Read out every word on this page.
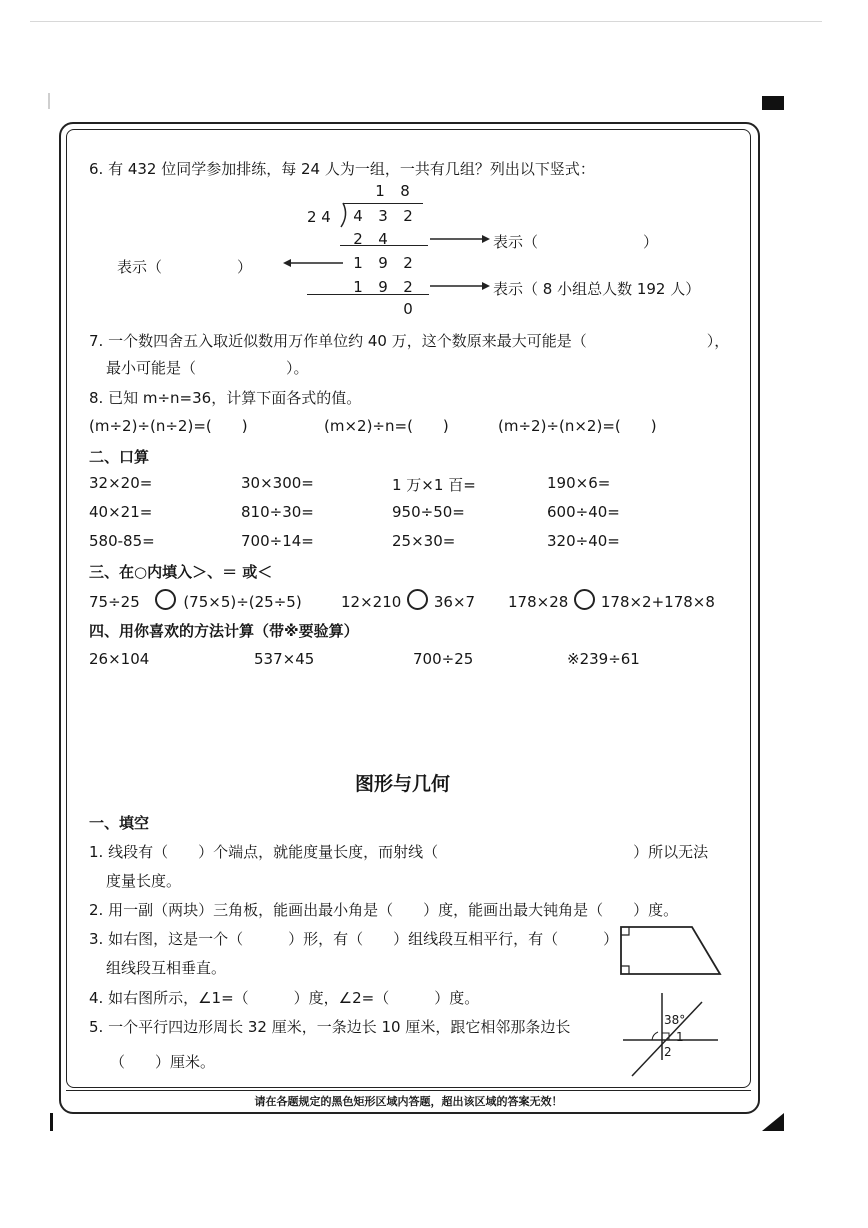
6. 有 432 位同学参加排练，每 24 人为一组，一共有几组？列出以下竖式：
1 8
2 4 4 3 2
2 4
1 9 2
1 9 2
0
表示（　　　　　　　）
表示（　　　　　）
表示（ 8 小组总人数 192 人）
7. 一个数四舍五入取近似数用万作单位约 40 万，这个数原来最大可能是（　　　　　　　　），
最小可能是（　　　　　　）。
8. 已知 m÷n=36，计算下面各式的值。
(m÷2)÷(n÷2)=(　　)	(m×2)÷n=(　　)	(m÷2)÷(n×2)=(　　)
二、口算
32×20=	30×300=	1 万×1 百=	190×6=
40×21=	810÷30=	950÷50=	600÷40=
580-85=	700÷14=	25×30=	320÷40=
三、在○内填入＞、＝ 或＜
75÷25	(75×5)÷(25÷5)	12×210 36×7 178×28 178×2+178×8
四、用你喜欢的方法计算（带※要验算）
26×104	537×45	700÷25	※239÷61
图形与几何
一、填空
1. 线段有（　　）个端点，就能度量长度，而射线（　　　　　　　　　　　　　）所以无法
度量长度。
2. 用一副（两块）三角板，能画出最小角是（　　）度，能画出最大钝角是（　　）度。
3. 如右图，这是一个（　　　）形，有（　　）组线段互相平行，有（　　　）
组线段互相垂直。
4. 如右图所示，∠1=（　　　）度，∠2=（　　　）度。
5. 一个平行四边形周长 32 厘米，一条边长 10 厘米，跟它相邻那条边长
（　　）厘米。
38°
1
2
请在各题规定的黑色矩形区域内答题，超出该区域的答案无效！
